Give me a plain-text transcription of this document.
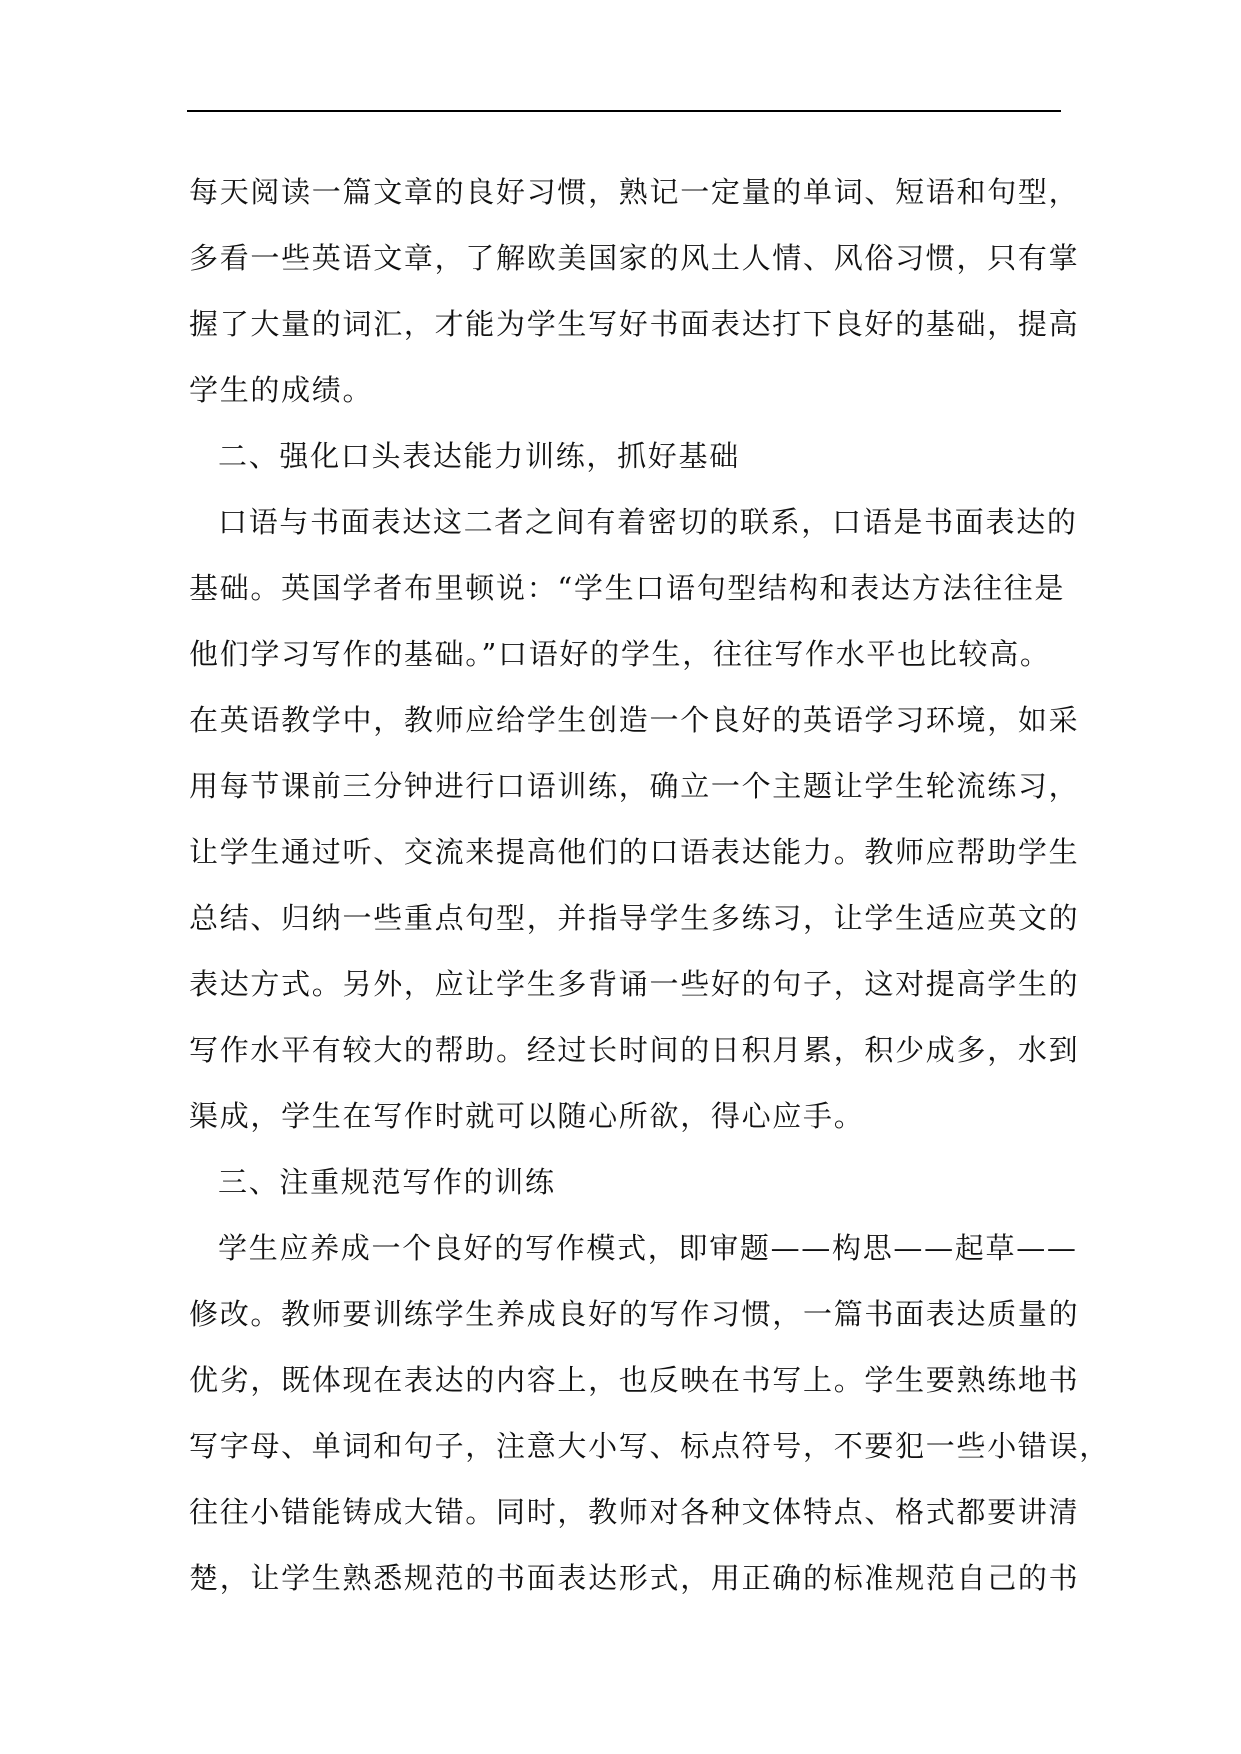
每天阅读一篇文章的良好习惯，熟记一定量的单词、短语和句型，
多看一些英语文章，了解欧美国家的风土人情、风俗习惯，只有掌
握了大量的词汇，才能为学生写好书面表达打下良好的基础，提高
学生的成绩。
二、强化口头表达能力训练，抓好基础
口语与书面表达这二者之间有着密切的联系，口语是书面表达的
基础。英国学者布里顿说：“学生口语句型结构和表达方法往往是
他们学习写作的基础。”口语好的学生，往往写作水平也比较高。
在英语教学中，教师应给学生创造一个良好的英语学习环境，如采
用每节课前三分钟进行口语训练，确立一个主题让学生轮流练习，
让学生通过听、交流来提高他们的口语表达能力。教师应帮助学生
总结、归纳一些重点句型，并指导学生多练习，让学生适应英文的
表达方式。另外，应让学生多背诵一些好的句子，这对提高学生的
写作水平有较大的帮助。经过长时间的日积月累，积少成多，水到
渠成，学生在写作时就可以随心所欲，得心应手。
三、注重规范写作的训练
学生应养成一个良好的写作模式，即审题——构思——起草——
修改。教师要训练学生养成良好的写作习惯，一篇书面表达质量的
优劣，既体现在表达的内容上，也反映在书写上。学生要熟练地书
写字母、单词和句子，注意大小写、标点符号，不要犯一些小错误，
往往小错能铸成大错。同时，教师对各种文体特点、格式都要讲清
楚，让学生熟悉规范的书面表达形式，用正确的标准规范自己的书
